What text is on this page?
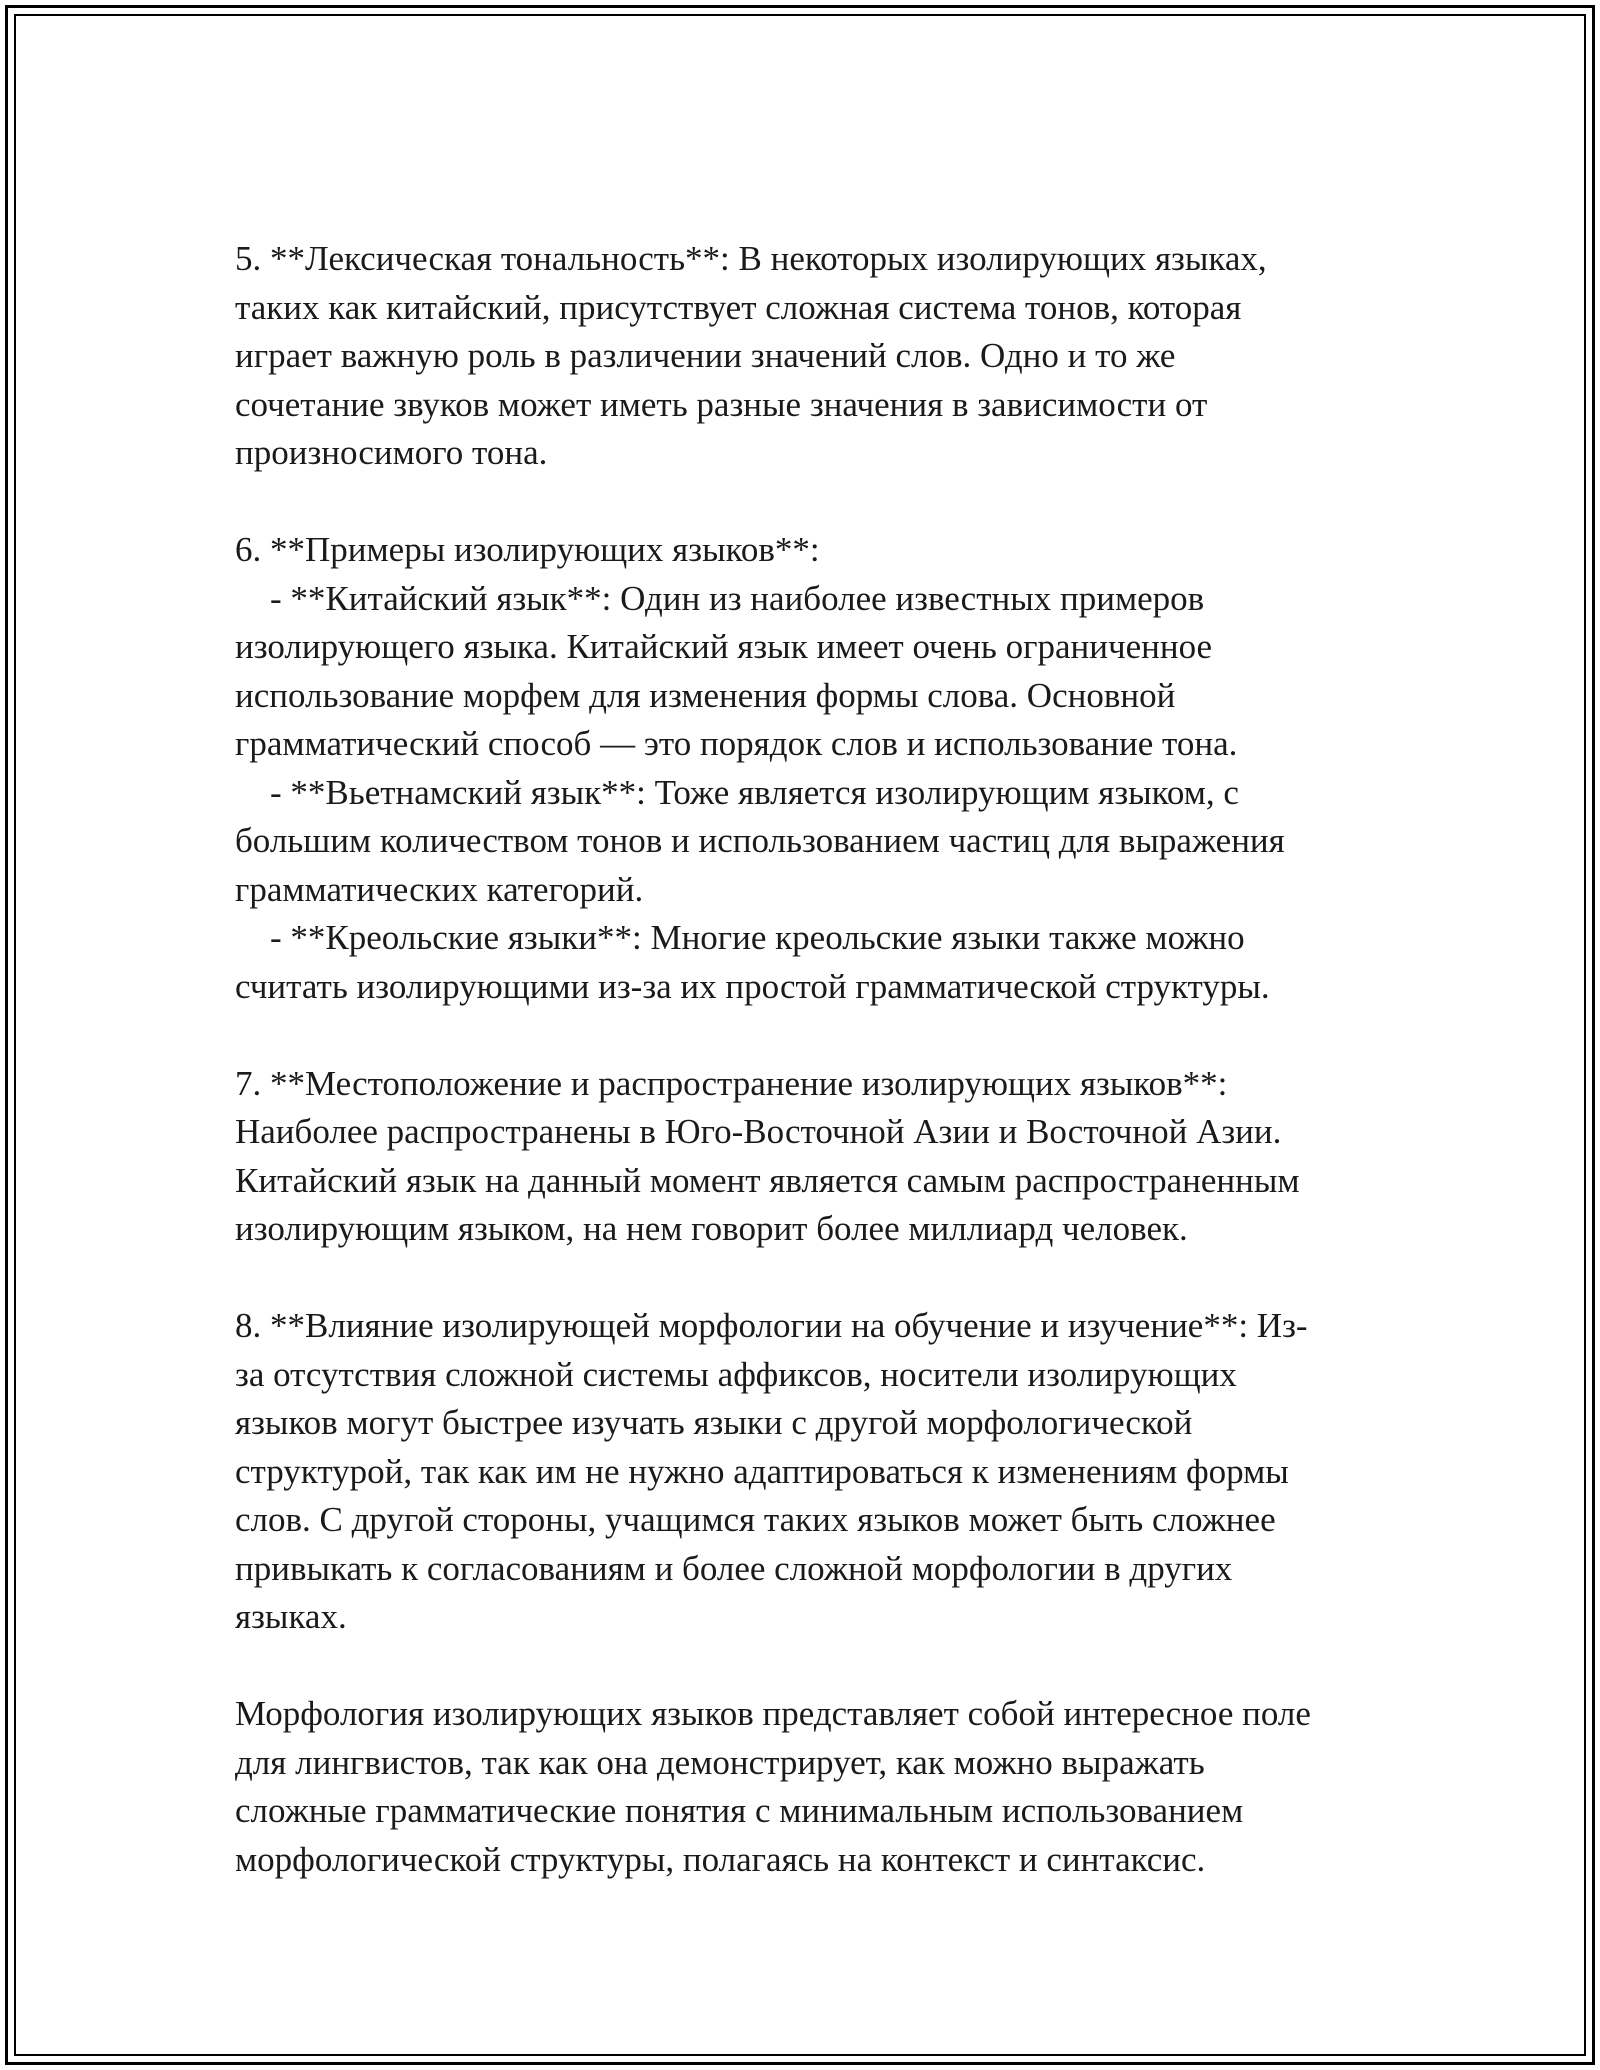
5. **Лексическая тональность**: В некоторых изолирующих языках,
таких как китайский, присутствует сложная система тонов, которая
играет важную роль в различении значений слов. Одно и то же
сочетание звуков может иметь разные значения в зависимости от
произносимого тона.
6. **Примеры изолирующих языков**:
- **Китайский язык**: Один из наиболее известных примеров
изолирующего языка. Китайский язык имеет очень ограниченное
использование морфем для изменения формы слова. Основной
грамматический способ — это порядок слов и использование тона.
- **Вьетнамский язык**: Тоже является изолирующим языком, с
большим количеством тонов и использованием частиц для выражения
грамматических категорий.
- **Креольские языки**: Многие креольские языки также можно
считать изолирующими из-за их простой грамматической структуры.
7. **Местоположение и распространение изолирующих языков**:
Наиболее распространены в Юго-Восточной Азии и Восточной Азии.
Китайский язык на данный момент является самым распространенным
изолирующим языком, на нем говорит более миллиард человек.
8. **Влияние изолирующей морфологии на обучение и изучение**: Из-
за отсутствия сложной системы аффиксов, носители изолирующих
языков могут быстрее изучать языки с другой морфологической
структурой, так как им не нужно адаптироваться к изменениям формы
слов. С другой стороны, учащимся таких языков может быть сложнее
привыкать к согласованиям и более сложной морфологии в других
языках.
Морфология изолирующих языков представляет собой интересное поле
для лингвистов, так как она демонстрирует, как можно выражать
сложные грамматические понятия с минимальным использованием
морфологической структуры, полагаясь на контекст и синтаксис.
